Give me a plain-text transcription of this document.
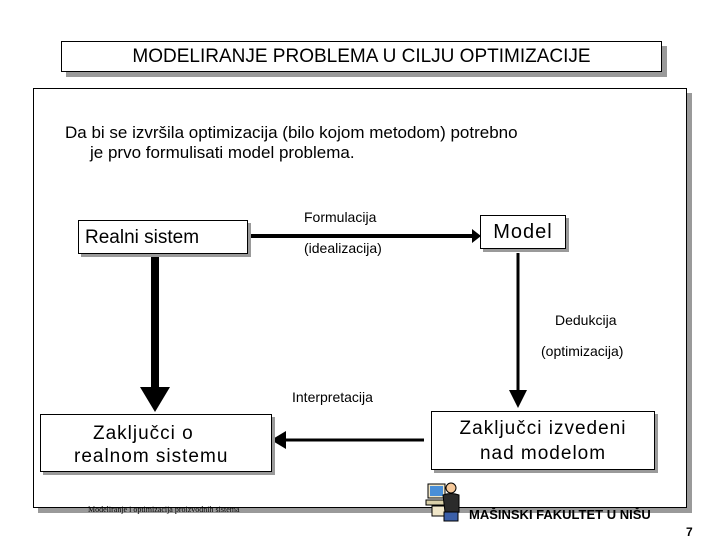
MODELIRANJE PROBLEMA U CILJU OPTIMIZACIJE
Da bi se izvršila optimizacija (bilo kojom metodom) potrebno
je prvo formulisati model problema.
Realni sistem	Model
Zaključci o
realnom sistemu
Zaključci izvedeni
nad modelom
Formulacija
(idealizacija)
Dedukcija
(optimizacija)
Interpretacija
Modeliranje i optimizacija proizvodnih sistema	MAŠINSKI FAKULTET U NIŠU
7
